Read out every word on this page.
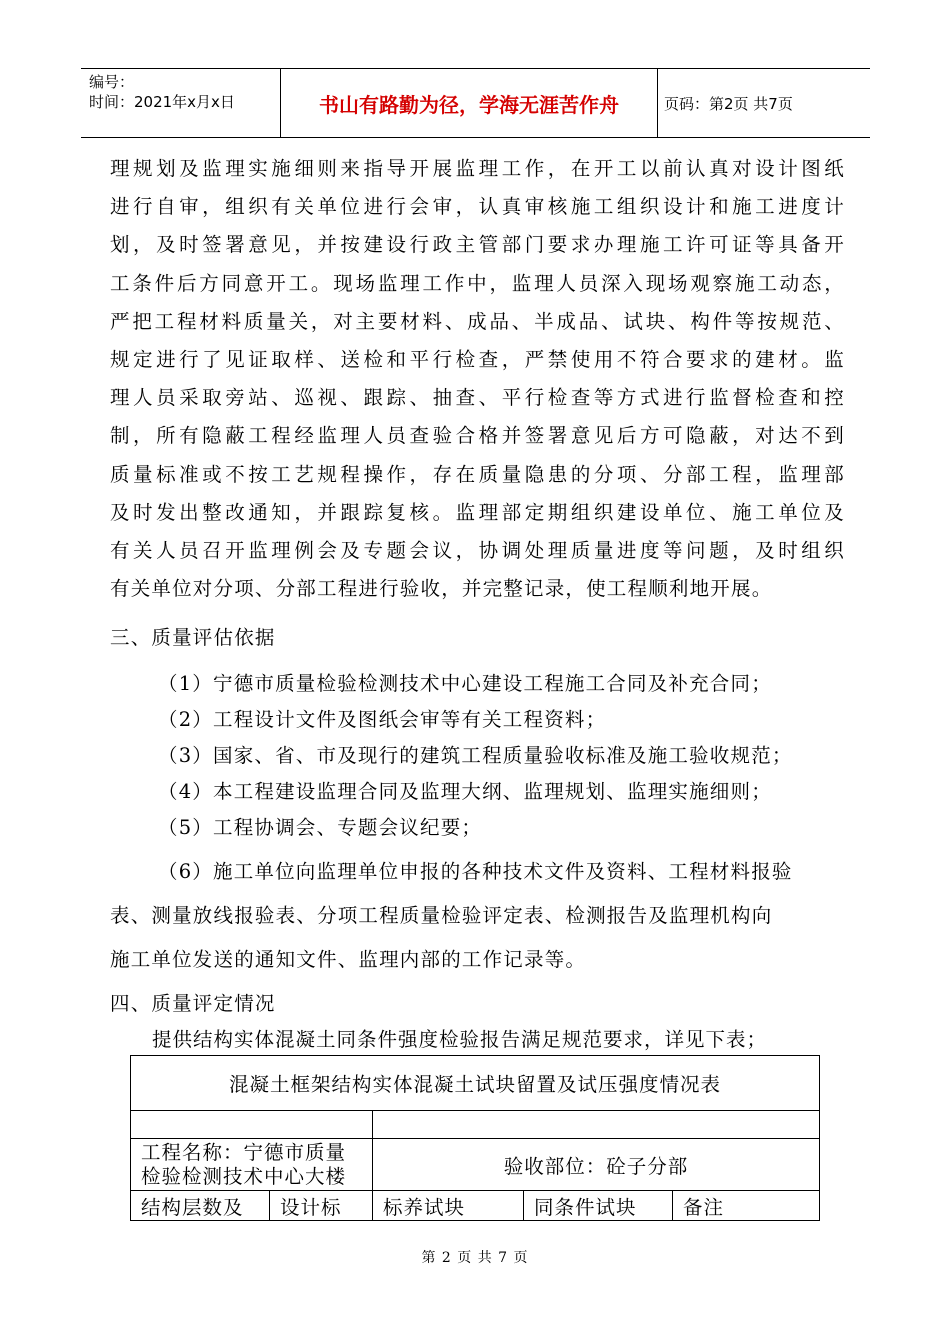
编号：
时间：2021年x月x日	书山有路勤为径，学海无涯苦作舟	页码：第2页 共7页
理规划及监理实施细则来指导开展监理工作，在开工以前认真对设计图纸
进行自审，组织有关单位进行会审，认真审核施工组织设计和施工进度计
划，及时签署意见，并按建设行政主管部门要求办理施工许可证等具备开
工条件后方同意开工。现场监理工作中，监理人员深入现场观察施工动态，
严把工程材料质量关，对主要材料、成品、半成品、试块、构件等按规范、
规定进行了见证取样、送检和平行检查，严禁使用不符合要求的建材。监
理人员采取旁站、巡视、跟踪、抽查、平行检查等方式进行监督检查和控
制，所有隐蔽工程经监理人员查验合格并签署意见后方可隐蔽，对达不到
质量标准或不按工艺规程操作，存在质量隐患的分项、分部工程，监理部
及时发出整改通知，并跟踪复核。监理部定期组织建设单位、施工单位及
有关人员召开监理例会及专题会议，协调处理质量进度等问题，及时组织
有关单位对分项、分部工程进行验收，并完整记录，使工程顺利地开展。
三、质量评估依据
（1）宁德市质量检验检测技术中心建设工程施工合同及补充合同；
（2）工程设计文件及图纸会审等有关工程资料；
（3）国家、省、市及现行的建筑工程质量验收标准及施工验收规范；
（4）本工程建设监理合同及监理大纲、监理规划、监理实施细则；
（5）工程协调会、专题会议纪要；
（6）施工单位向监理单位申报的各种技术文件及资料、工程材料报验
表、测量放线报验表、分项工程质量检验评定表、检测报告及监理机构向
施工单位发送的通知文件、监理内部的工作记录等。
四、质量评定情况
提供结构实体混凝土同条件强度检验报告满足规范要求，详见下表；
混凝土框架结构实体混凝土试块留置及试压强度情况表				

工程名称：宁德市质量检验检测技术中心大楼		验收部位：砼子分部		
结构层数及	设计标	标养试块	同条件试块	备注
第 2 页 共 7 页
